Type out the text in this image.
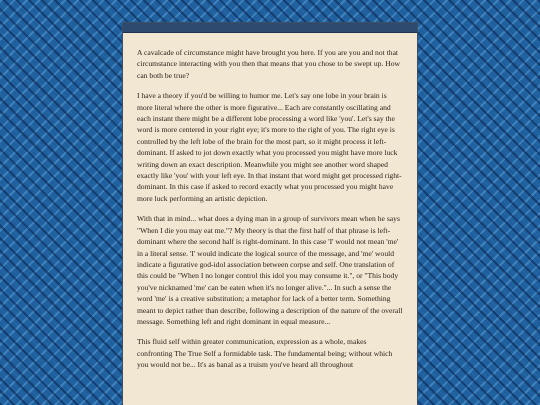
A cavalcade of circumstance might have brought you here. If you are you and not that circumstance interacting with you then that means that you chose to be swept up. How can both be true?

I have a theory if you'd be willing to humor me. Let's say one lobe in your brain is more literal where the other is more figurative... Each are constantly oscillating and each instant there might be a different lobe processing a word like 'you'. Let's say the word is more centered in your right eye; it's more to the right of you. The right eye is controlled by the left lobe of the brain for the most part, so it might process it left-dominant. If asked to jot down exactly what you processed you might have more luck writing down an exact description. Meanwhile you might see another word shaped exactly like 'you' with your left eye. In that instant that word might get processed right-dominant. In this case if asked to record exactly what you processed you might have more luck performing an artistic depiction.

With that in mind... what does a dying man in a group of survivors mean when he says "When I die you may eat me."? My theory is that the first half of that phrase is left-dominant where the second half is right-dominant. In this case 'I' would not mean 'me' in a literal sense. 'I' would indicate the logical source of the message, and 'me' would indicate a figurative god-idol association between corpse and self. One translation of this could be "When I no longer control this idol you may consume it.", or "This body you've nicknamed 'me' can be eaten when it's no longer alive."... In such a sense the word 'me' is a creative substitution; a metaphor for lack of a better term. Something meant to depict rather than describe, following a description of the nature of the overall message. Something left and right dominant in equal measure...

This fluid self within greater communication, expression as a whole, makes confronting The True Self a formidable task. The fundamental being; without which you would not be... It's as banal as a truism you've heard all throughout
